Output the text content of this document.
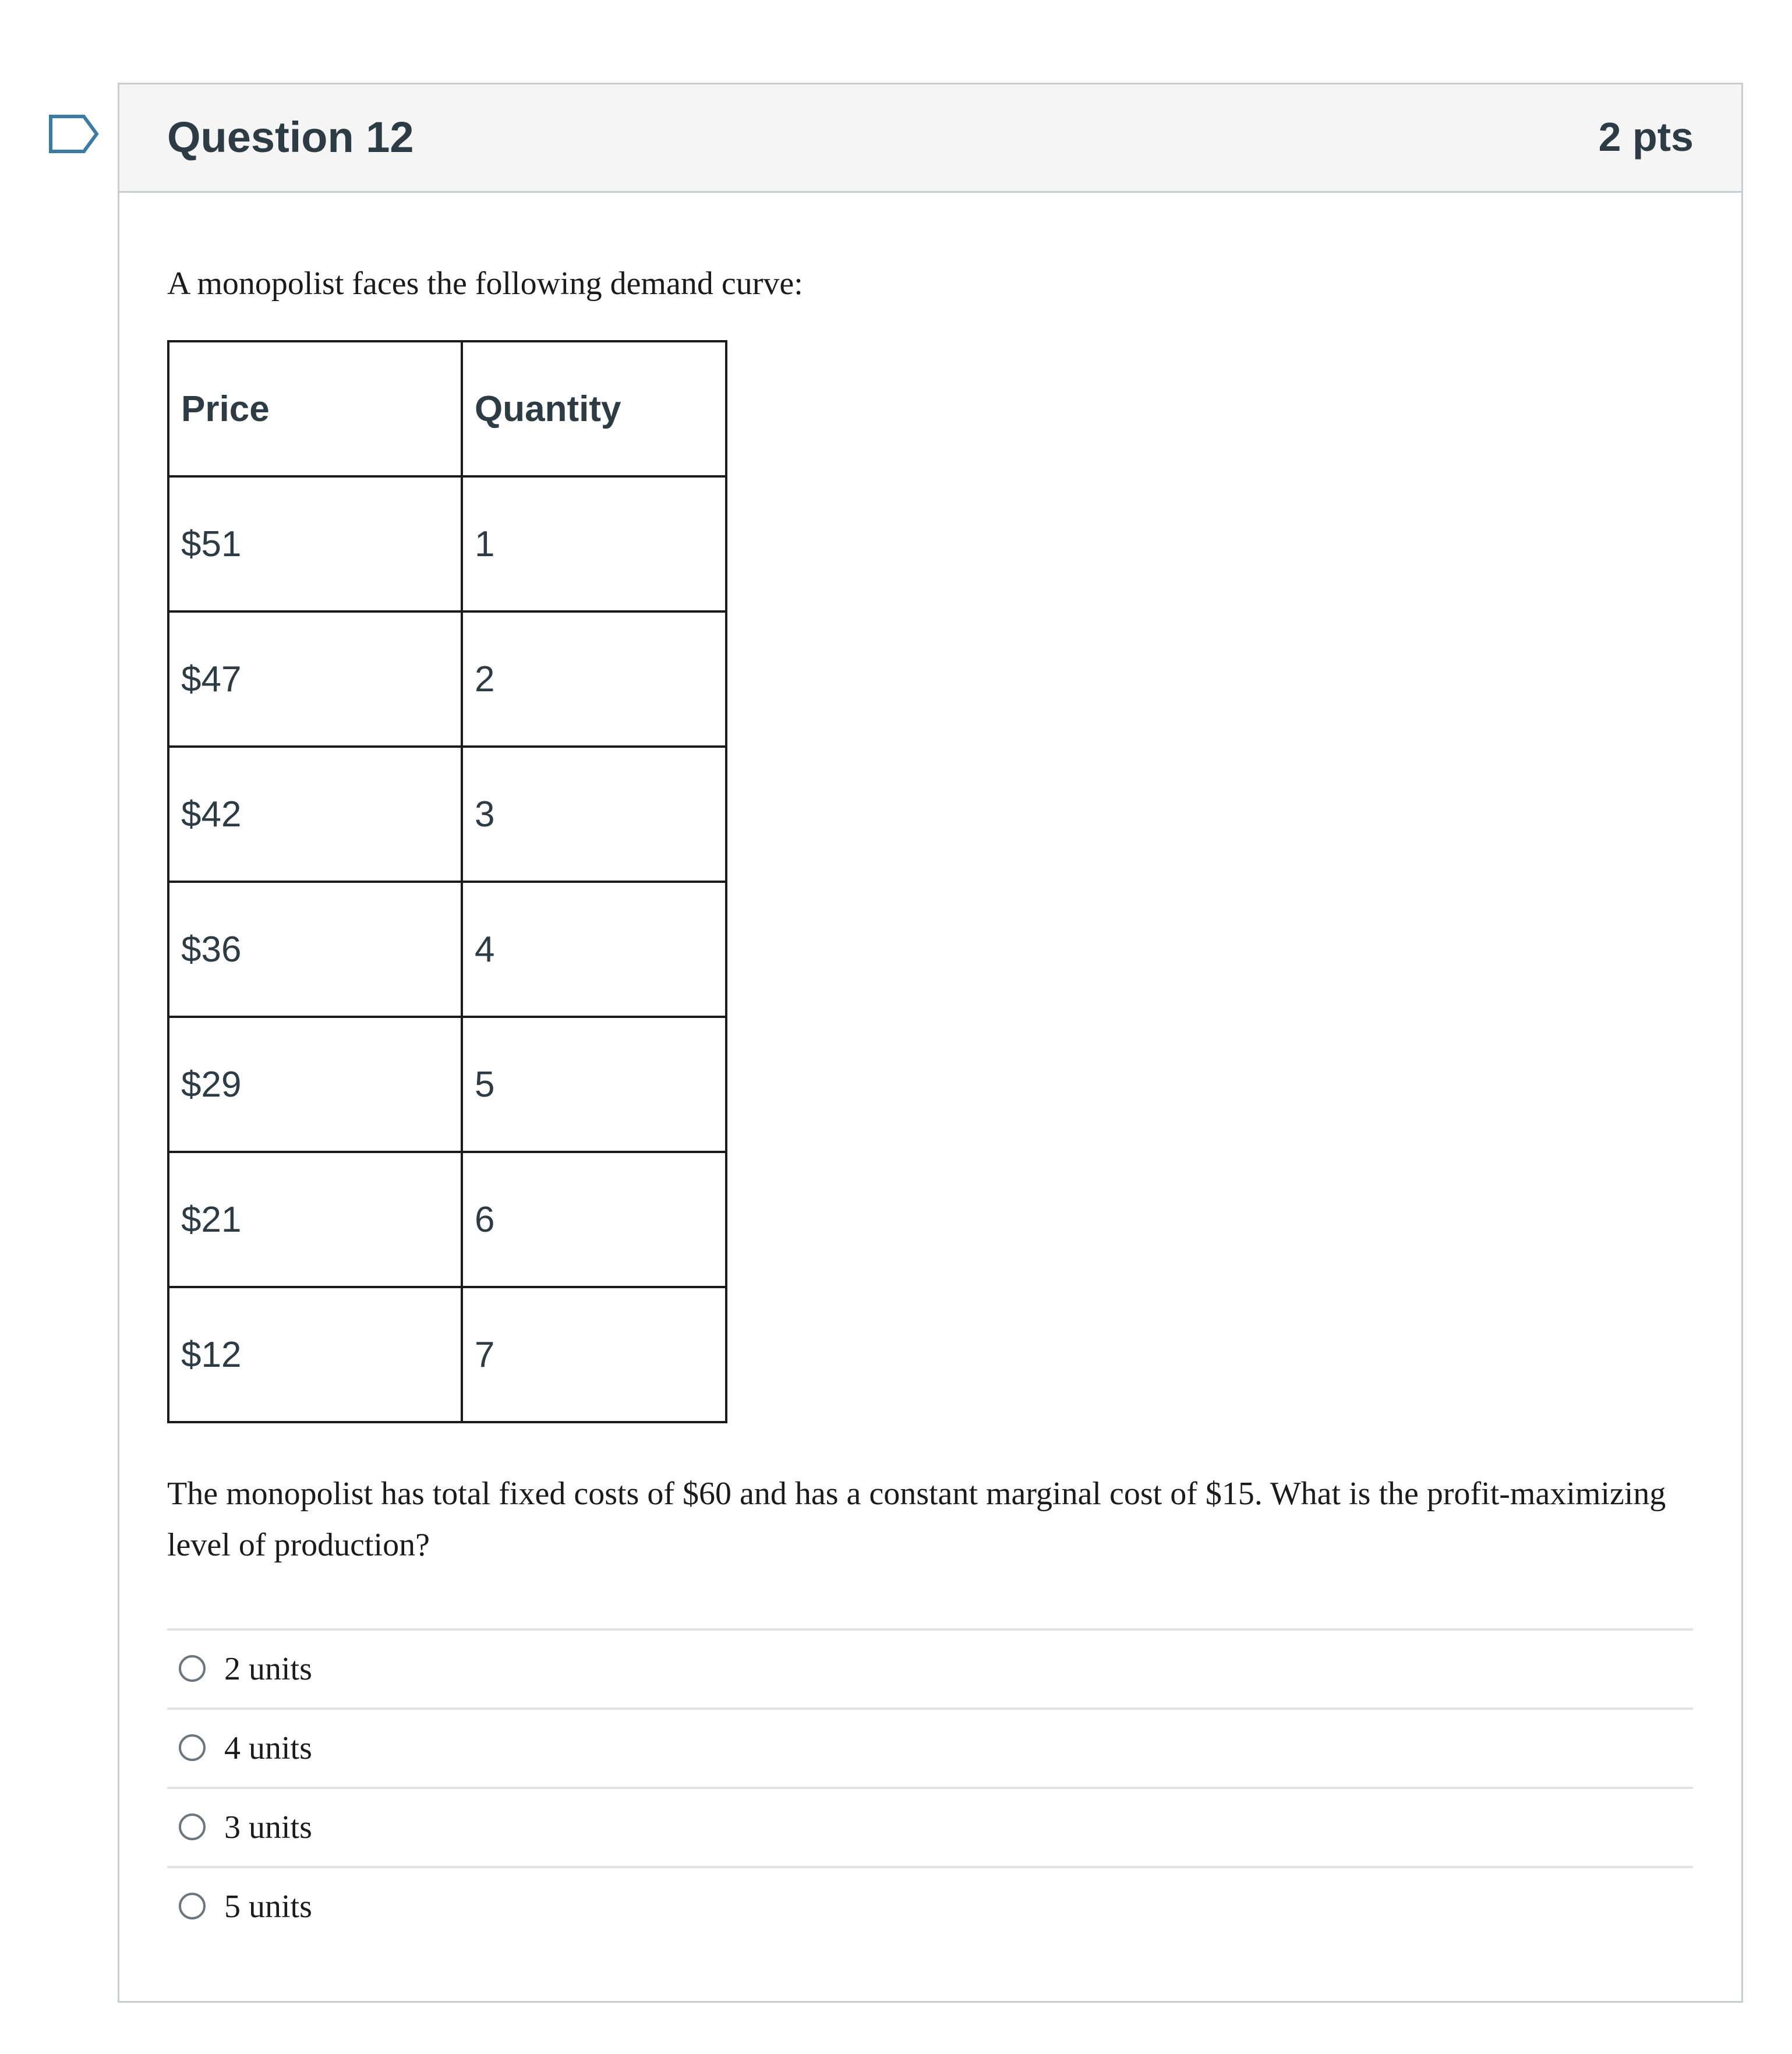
Question 12	2 pts
A monopolist faces the following demand curve:
Price	Quantity
$51	1
$47	2
$42	3
$36	4
$29	5
$21	6
$12	7
The monopolist has total fixed costs of $60 and has a constant marginal cost of $15. What is the profit-maximizing level of production?
2 units
4 units
3 units
5 units
